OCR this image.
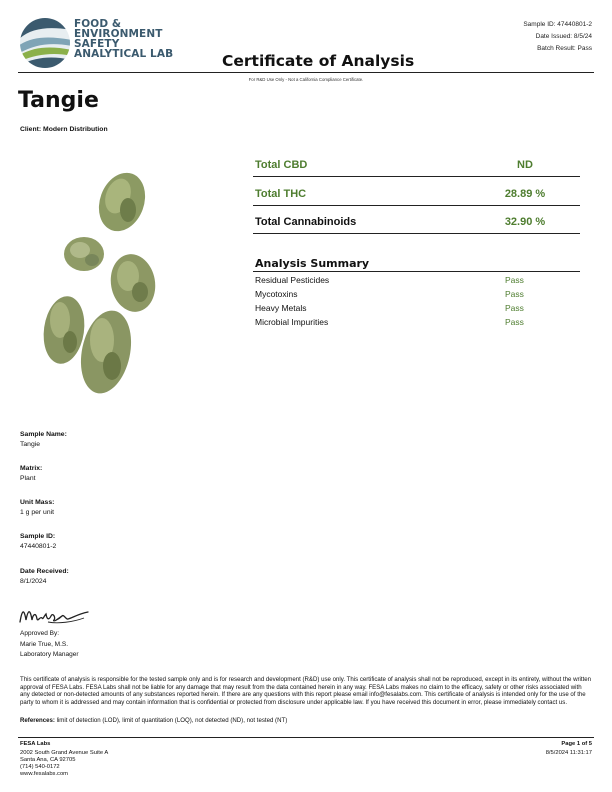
FOOD &
ENVIRONMENT
SAFETY
ANALYTICAL LAB
Sample ID: 47440801-2
Date Issued: 8/5/24
Batch Result: Pass
Certificate of Analysis
For R&D Use Only - Not a California Compliance Certificate.
Tangie
Client: Modern Distribution
Total CBD	ND
Total THC	28.89 %
Total Cannabinoids	32.90 %
Analysis Summary
Residual Pesticides	Pass
Mycotoxins	Pass
Heavy Metals	Pass
Microbial Impurities	Pass
Sample Name:
Tangie
Matrix:
Plant
Unit Mass:
1 g per unit
Sample ID:
47440801-2
Date Received:
8/1/2024
Approved By:
Marie True, M.S.
Laboratory Manager
This certificate of analysis is responsible for the tested sample only and is for research and development (R&D) use only. This certificate of analysis shall not be reproduced, except in its entirety, without the written approval of FESA Labs. FESA Labs shall not be liable for any damage that may result from the data contained herein in any way. FESA Labs makes no claim to the efficacy, safety or other risks associated with any detected or non-detected amounts of any substances reported herein. If there are any questions with this report please email info@fesalabs.com. This certificate of analysis is intended only for the use of the party to whom it is addressed and may contain information that is confidential or protected from disclosure under applicable law. If you have received this document in error, please immediately contact us.
References: limit of detection (LOD), limit of quantitation (LOQ), not detected (ND), not tested (NT)
FESA Labs
2002 South Grand Avenue Suite A
Santa Ana, CA 92705
(714) 540-0172
www.fesalabs.com
Page 1 of 5
8/5/2024 11:31:17
